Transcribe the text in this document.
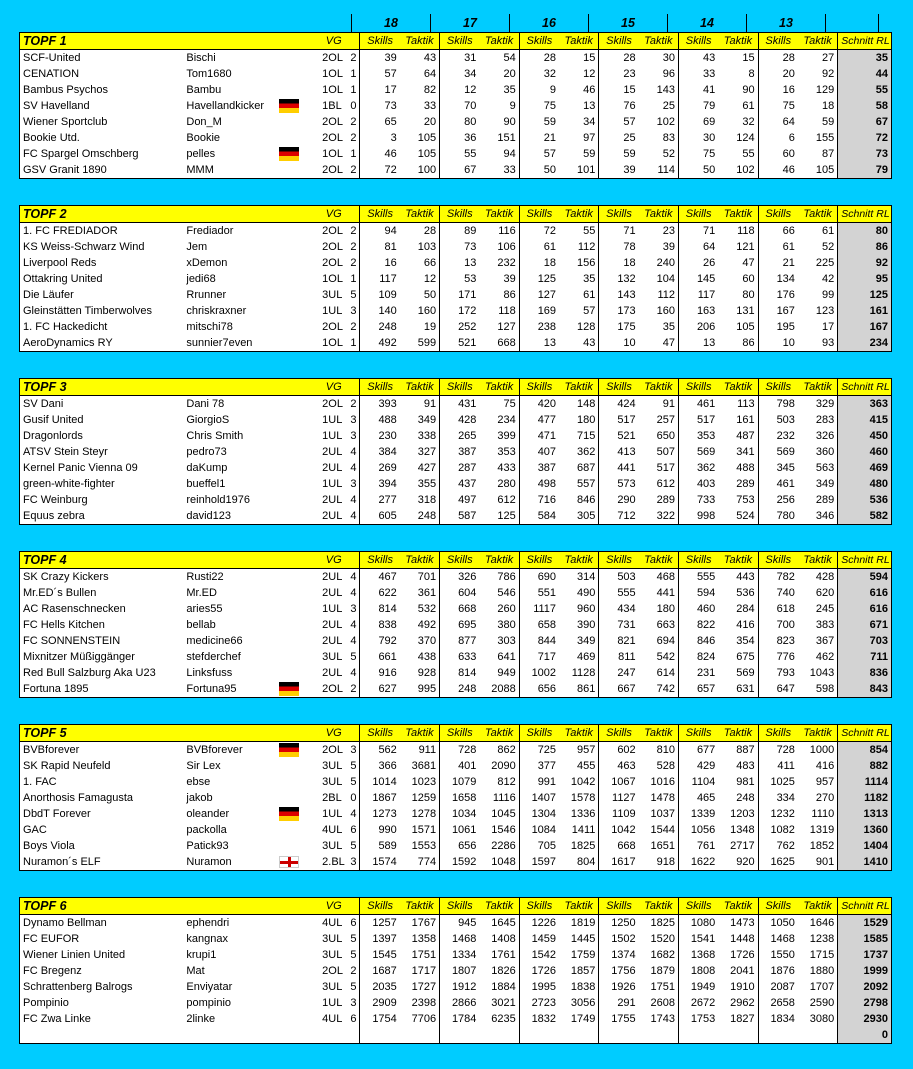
18	17	16	15	14	13
TOPF 1			VG		Skills	Taktik	Skills	Taktik	Skills	Taktik	Skills	Taktik	Skills	Taktik	Skills	Taktik	Schnitt RL
SCF-United	Bischi		2OL	2	39	43	31	54	28	15	28	30	43	15	28	27	35
CENATION	Tom1680		1OL	1	57	64	34	20	32	12	23	96	33	8	20	92	44
Bambus Psychos	Bambu		1OL	1	17	82	12	35	9	46	15	143	41	90	16	129	55
SV Havelland	Havellandkicker		1BL	0	73	33	70	9	75	13	76	25	79	61	75	18	58
Wiener Sportclub	Don_M		2OL	2	65	20	80	90	59	34	57	102	69	32	64	59	67
Bookie Utd.	Bookie		2OL	2	3	105	36	151	21	97	25	83	30	124	6	155	72
FC Spargel Omschberg	pelles		1OL	1	46	105	55	94	57	59	59	52	75	55	60	87	73
GSV Granit 1890	MMM		2OL	2	72	100	67	33	50	101	39	114	50	102	46	105	79
TOPF 2			VG		Skills	Taktik	Skills	Taktik	Skills	Taktik	Skills	Taktik	Skills	Taktik	Skills	Taktik	Schnitt RL
1. FC FREDIADOR	Frediador		2OL	2	94	28	89	116	72	55	71	23	71	118	66	61	80
KS Weiss-Schwarz Wind	Jem		2OL	2	81	103	73	106	61	112	78	39	64	121	61	52	86
Liverpool Reds	xDemon		2OL	2	16	66	13	232	18	156	18	240	26	47	21	225	92
Ottakring United	jedi68		1OL	1	117	12	53	39	125	35	132	104	145	60	134	42	95
Die Läufer	Rrunner		3UL	5	109	50	171	86	127	61	143	112	117	80	176	99	125
Gleinstätten Timberwolves	chriskraxner		1UL	3	140	160	172	118	169	57	173	160	163	131	167	123	161
1. FC Hackedicht	mitschi78		2OL	2	248	19	252	127	238	128	175	35	206	105	195	17	167
AeroDynamics RY	sunnier7even		1OL	1	492	599	521	668	13	43	10	47	13	86	10	93	234
TOPF 3			VG		Skills	Taktik	Skills	Taktik	Skills	Taktik	Skills	Taktik	Skills	Taktik	Skills	Taktik	Schnitt RL
SV Dani	Dani 78		2OL	2	393	91	431	75	420	148	424	91	461	113	798	329	363
Gusif United	GiorgioS		1UL	3	488	349	428	234	477	180	517	257	517	161	503	283	415
Dragonlords	Chris Smith		1UL	3	230	338	265	399	471	715	521	650	353	487	232	326	450
ATSV Stein Steyr	pedro73		2UL	4	384	327	387	353	407	362	413	507	569	341	569	360	460
Kernel Panic Vienna 09	daKump		2UL	4	269	427	287	433	387	687	441	517	362	488	345	563	469
green-white-fighter	bueffel1		1UL	3	394	355	437	280	498	557	573	612	403	289	461	349	480
FC Weinburg	reinhold1976		2UL	4	277	318	497	612	716	846	290	289	733	753	256	289	536
Equus zebra	david123		2UL	4	605	248	587	125	584	305	712	322	998	524	780	346	582
TOPF 4			VG		Skills	Taktik	Skills	Taktik	Skills	Taktik	Skills	Taktik	Skills	Taktik	Skills	Taktik	Schnitt RL
SK Crazy Kickers	Rusti22		2UL	4	467	701	326	786	690	314	503	468	555	443	782	428	594
Mr.ED´s Bullen	Mr.ED		2UL	4	622	361	604	546	551	490	555	441	594	536	740	620	616
AC Rasenschnecken	aries55		1UL	3	814	532	668	260	1117	960	434	180	460	284	618	245	616
FC Hells Kitchen	bellab		2UL	4	838	492	695	380	658	390	731	663	822	416	700	383	671
FC SONNENSTEIN	medicine66		2UL	4	792	370	877	303	844	349	821	694	846	354	823	367	703
Mixnitzer Müßiggänger	stefderchef		3UL	5	661	438	633	641	717	469	811	542	824	675	776	462	711
Red Bull Salzburg Aka U23	Linksfuss		2UL	4	916	928	814	949	1002	1128	247	614	231	569	793	1043	836
Fortuna 1895	Fortuna95		2OL	2	627	995	248	2088	656	861	667	742	657	631	647	598	843
TOPF 5			VG		Skills	Taktik	Skills	Taktik	Skills	Taktik	Skills	Taktik	Skills	Taktik	Skills	Taktik	Schnitt RL
BVBforever	BVBforever		2OL	3	562	911	728	862	725	957	602	810	677	887	728	1000	854
SK Rapid Neufeld	Sir Lex		3UL	5	366	3681	401	2090	377	455	463	528	429	483	411	416	882
1. FAC	ebse		3UL	5	1014	1023	1079	812	991	1042	1067	1016	1104	981	1025	957	1114
Anorthosis Famagusta	jakob		2BL	0	1867	1259	1658	1116	1407	1578	1127	1478	465	248	334	270	1182
DbdT Forever	oleander		1UL	4	1273	1278	1034	1045	1304	1336	1109	1037	1339	1203	1232	1110	1313
GAC	packolla		4UL	6	990	1571	1061	1546	1084	1411	1042	1544	1056	1348	1082	1319	1360
Boys Viola	Patick93		3UL	5	589	1553	656	2286	705	1825	668	1651	761	2717	762	1852	1404
Nuramon´s ELF	Nuramon		2.BL	3	1574	774	1592	1048	1597	804	1617	918	1622	920	1625	901	1410
TOPF 6			VG		Skills	Taktik	Skills	Taktik	Skills	Taktik	Skills	Taktik	Skills	Taktik	Skills	Taktik	Schnitt RL
Dynamo Bellman	ephendri		4UL	6	1257	1767	945	1645	1226	1819	1250	1825	1080	1473	1050	1646	1529
FC EUFOR	kangnax		3UL	5	1397	1358	1468	1408	1459	1445	1502	1520	1541	1448	1468	1238	1585
Wiener Linien United	krupi1		3UL	5	1545	1751	1334	1761	1542	1759	1374	1682	1368	1726	1550	1715	1737
FC Bregenz	Mat		2OL	2	1687	1717	1807	1826	1726	1857	1756	1879	1808	2041	1876	1880	1999
Schrattenberg Balrogs	Enviyatar		3UL	5	2035	1727	1912	1884	1995	1838	1926	1751	1949	1910	2087	1707	2092
Pompinio	pompinio		1UL	3	2909	2398	2866	3021	2723	3056	291	2608	2672	2962	2658	2590	2798
FC Zwa Linke	2linke		4UL	6	1754	7706	1784	6235	1832	1749	1755	1743	1753	1827	1834	3080	2930
																	0
